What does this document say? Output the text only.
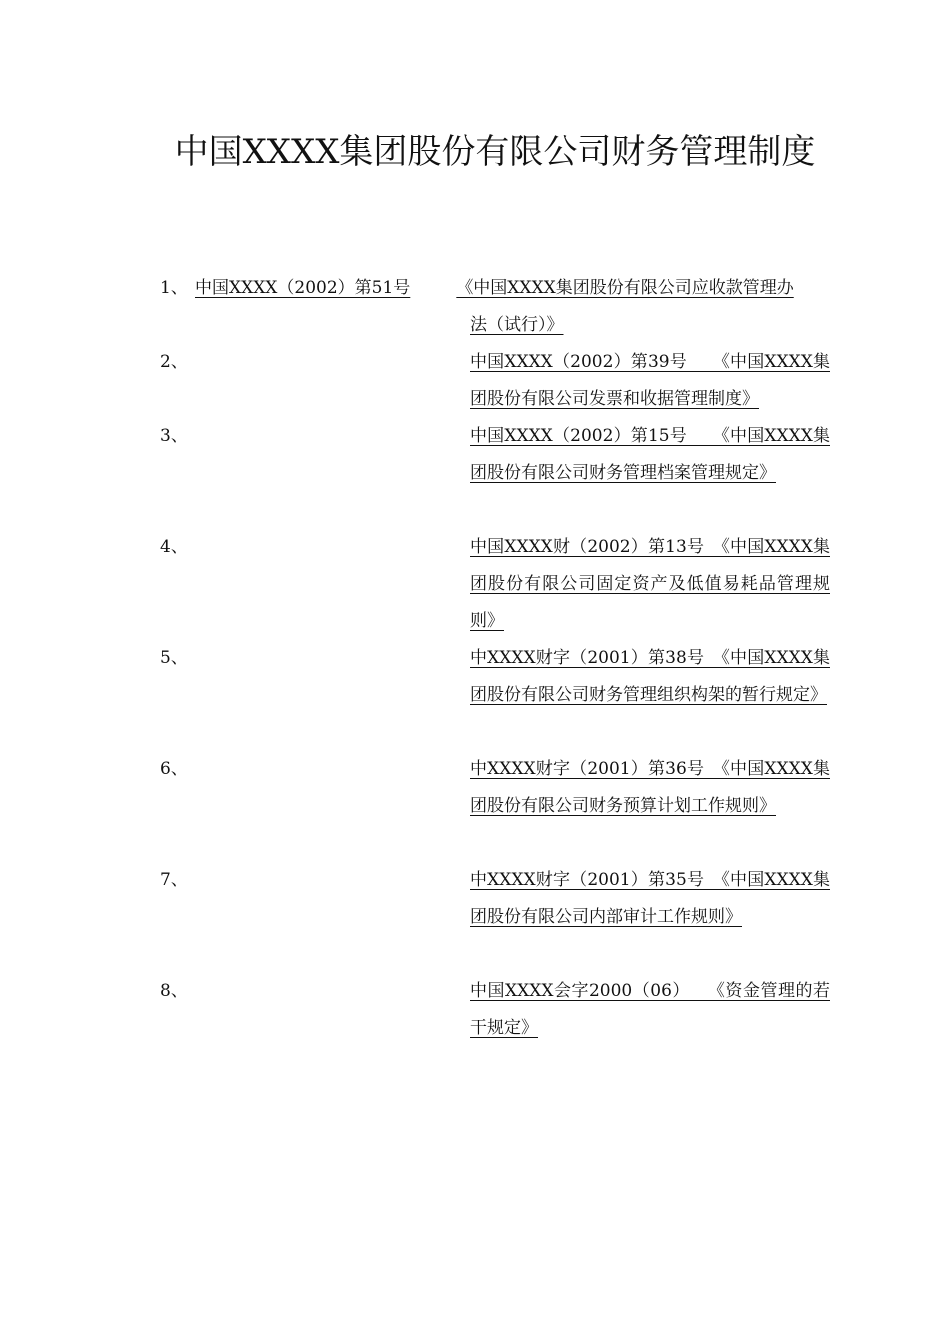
中国XXXX集团股份有限公司财务管理制度
1、 中国XXXX（2002）第51号	《中国XXXX集团股份有限公司应收款管理办
法（试行）》
2、	中国XXXX（2002）第39号　　《中国XXXX集团股份有限公司发票和收据管理制度》
3、	中国XXXX（2002）第15号　　《中国XXXX集团股份有限公司财务管理档案管理规定》
4、	中国XXXX财（2002）第13号　《中国XXXX集团股份有限公司固定资产及低值易耗品管理规则》
5、	中XXXX财字（2001）第38号　《中国XXXX集团股份有限公司财务管理组织构架的暂行规定》
6、	中XXXX财字（2001）第36号　《中国XXXX集团股份有限公司财务预算计划工作规则》
7、	中XXXX财字（2001）第35号　《中国XXXX集团股份有限公司内部审计工作规则》
8、	中国XXXX会字2000（06）　　《资金管理的若干规定》
